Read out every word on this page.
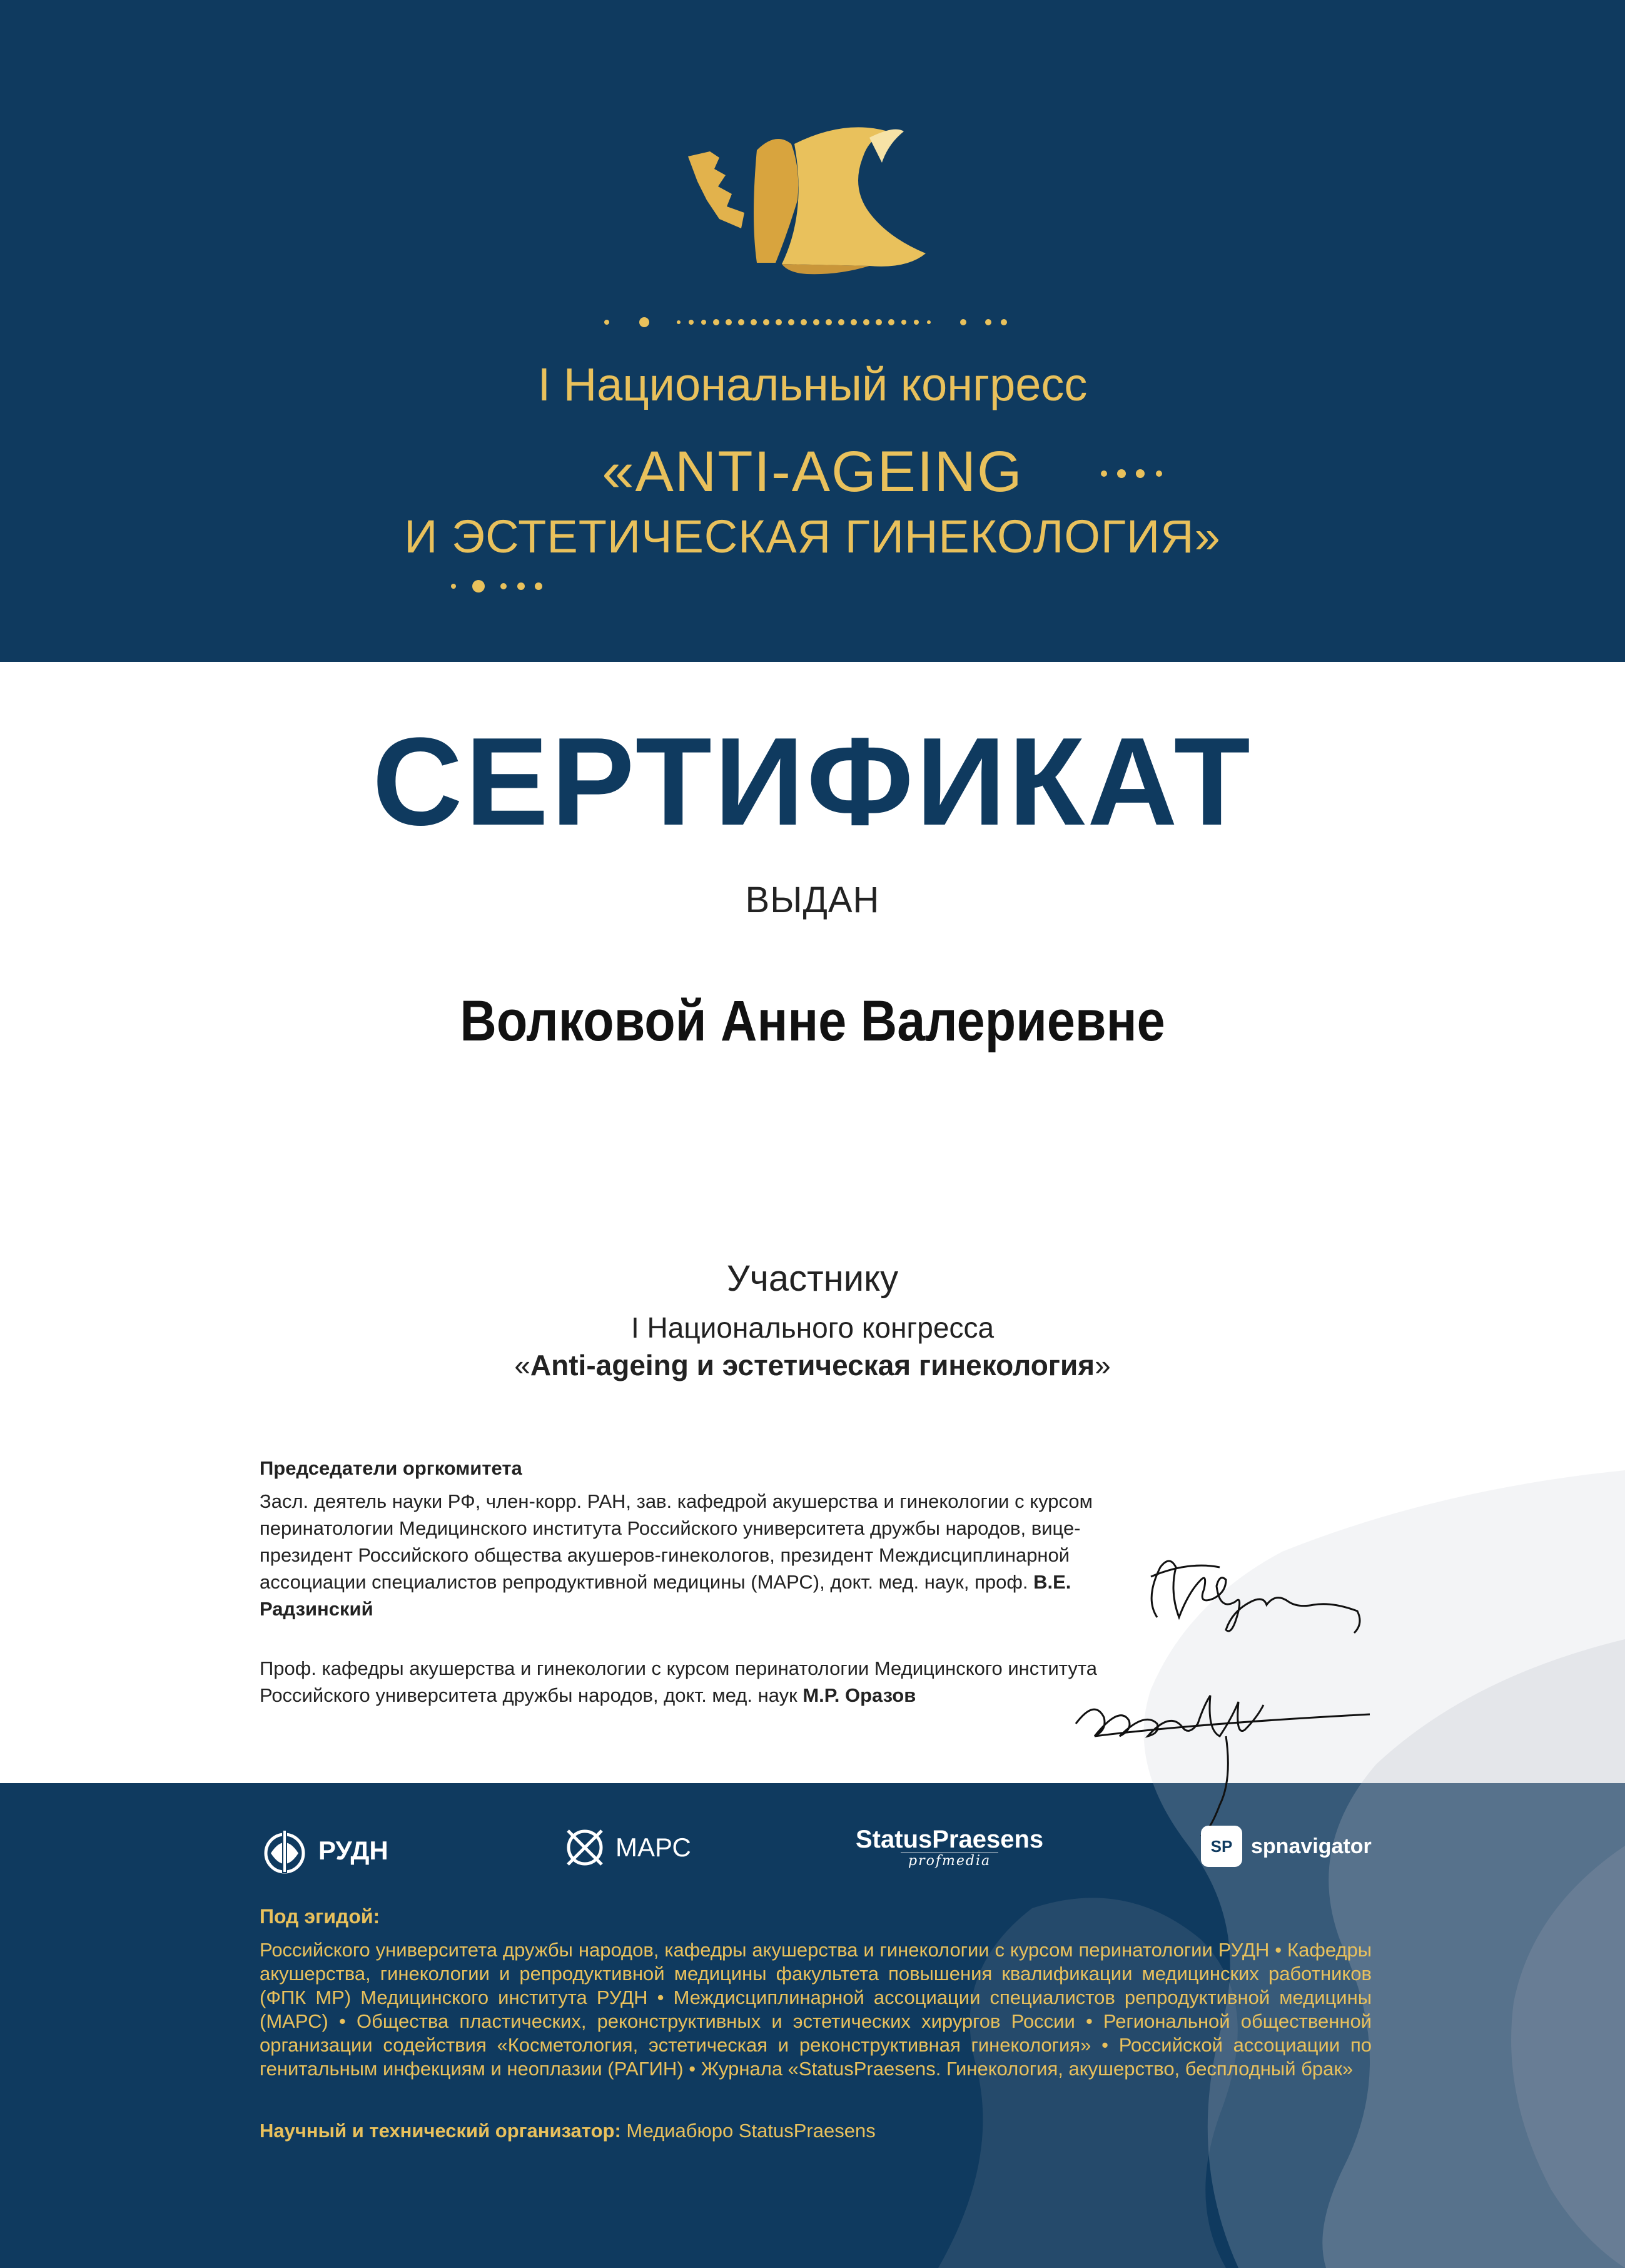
I Национальный конгресс
«ANTI-AGEING
И ЭСТЕТИЧЕСКАЯ ГИНЕКОЛОГИЯ»
СЕРТИФИКАТ
ВЫДАН
Волковой Анне Валериевне
Участнику
I Национального конгресса
«Anti-ageing и эстетическая гинекология»
Председатели оргкомитета
Засл. деятель науки РФ, член-корр. РАН, зав. кафедрой акушерства и гинекологии с курсом перинатологии Медицинского института Российского университета дружбы народов, вице-президент Российского общества акушеров-гинекологов, президент Междисциплинарной ассоциации специалистов репродуктивной медицины (МАРС), докт. мед. наук, проф. В.Е. Радзинский
Проф. кафедры акушерства и гинекологии с курсом перинатологии Медицинского института Российского университета дружбы народов, докт. мед. наук М.Р. Оразов
РУДН	МАРС	StatusPraesens
profmedia
SP spnavigator
Под эгидой:
Российского университета дружбы народов, кафедры акушерства и гинекологии с курсом перинатологии РУДН • Кафедры акушерства, гинекологии и репродуктивной медицины факультета повышения квалификации медицинских работников (ФПК МР) Медицинского института РУДН • Междисциплинарной ассоциации специалистов репродуктивной медицины (МАРС) • Общества пластических, реконструктивных и эстетических хирургов России • Региональной общественной организации содействия «Косметология, эстетическая и реконструктивная гинекология» • Российской ассоциации по генитальным инфекциям и неоплазии (РАГИН) • Журнала «StatusPraesens. Гинекология, акушерство, бесплодный брак»
Научный и технический организатор: Медиабюро StatusPraesens
